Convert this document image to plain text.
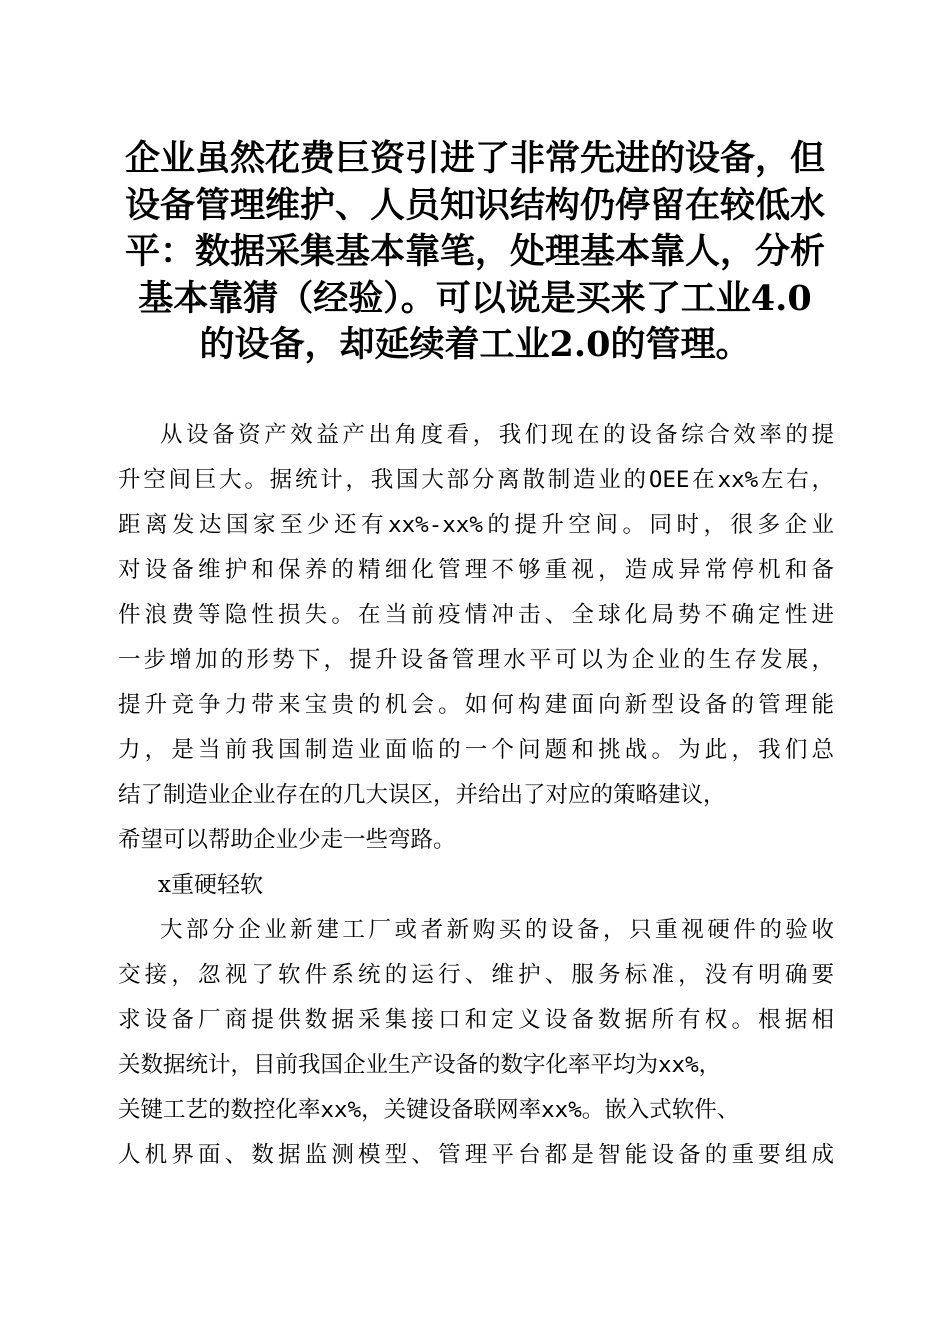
企业虽然花费巨资引进了非常先进的设备，但
设备管理维护、人员知识结构仍停留在较低水
平：数据采集基本靠笔，处理基本靠人，分析
基本靠猜（经验）。可以说是买来了工业4.0
的设备，却延续着工业2.0的管理。
从设备资产效益产出角度看，我们现在的设备综合效率的提
升空间巨大。据统计，我国大部分离散制造业的OEE在xx%左右，
距离发达国家至少还有xx%-xx%的提升空间。同时，很多企业
对设备维护和保养的精细化管理不够重视，造成异常停机和备
件浪费等隐性损失。在当前疫情冲击、全球化局势不确定性进
一步增加的形势下，提升设备管理水平可以为企业的生存发展，
提升竞争力带来宝贵的机会。如何构建面向新型设备的管理能
力，是当前我国制造业面临的一个问题和挑战。为此，我们总
结了制造业企业存在的几大误区，并给出了对应的策略建议，
希望可以帮助企业少走一些弯路。
x重硬轻软
大部分企业新建工厂或者新购买的设备，只重视硬件的验收
交接，忽视了软件系统的运行、维护、服务标准，没有明确要
求设备厂商提供数据采集接口和定义设备数据所有权。根据相
关数据统计，目前我国企业生产设备的数字化率平均为xx%，
关键工艺的数控化率xx%，关键设备联网率xx%。嵌入式软件、
人机界面、数据监测模型、管理平台都是智能设备的重要组成
